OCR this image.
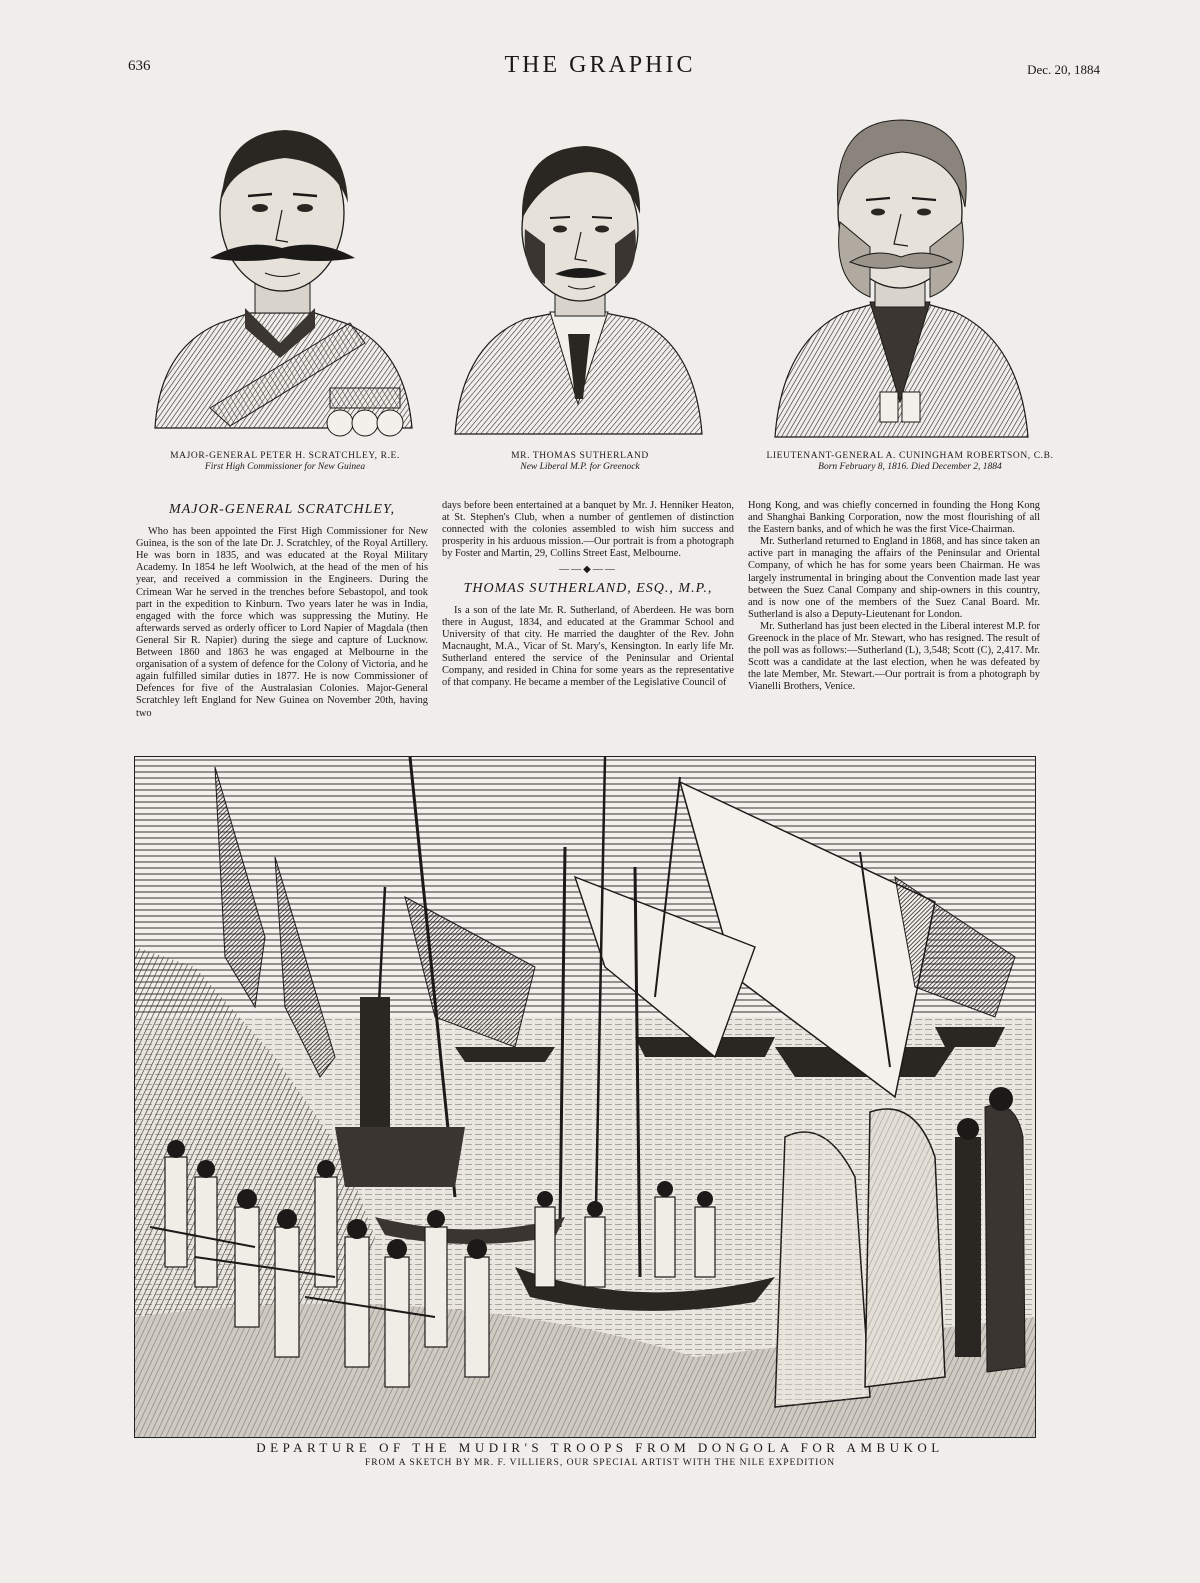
636	THE GRAPHIC	Dec. 20, 1884
MAJOR-GENERAL PETER H. SCRATCHLEY, R.E.
First High Commissioner for New Guinea
MR. THOMAS SUTHERLAND
New Liberal M.P. for Greenock
LIEUTENANT-GENERAL A. CUNINGHAM ROBERTSON, C.B.
Born February 8, 1816. Died December 2, 1884
MAJOR-GENERAL SCRATCHLEY,

Who has been appointed the First High Commissioner for New Guinea, is the son of the late Dr. J. Scratchley, of the Royal Artillery. He was born in 1835, and was educated at the Royal Military Academy. In 1854 he left Woolwich, at the head of the men of his year, and received a commission in the Engineers. During the Crimean War he served in the trenches before Sebastopol, and took part in the expedition to Kinburn. Two years later he was in India, engaged with the force which was suppressing the Mutiny. He afterwards served as orderly officer to Lord Napier of Magdala (then General Sir R. Napier) during the siege and capture of Lucknow. Between 1860 and 1863 he was engaged at Melbourne in the organisation of a system of defence for the Colony of Victoria, and he again fulfilled similar duties in 1877. He is now Commissioner of Defences for five of the Australasian Colonies. Major-General Scratchley left England for New Guinea on November 20th, having two

days before been entertained at a banquet by Mr. J. Henniker Heaton, at St. Stephen's Club, when a number of gentlemen of distinction connected with the colonies assembled to wish him success and prosperity in his arduous mission.—Our portrait is from a photograph by Foster and Martin, 29, Collins Street East, Melbourne.

——◆——
THOMAS SUTHERLAND, ESQ., M.P.,

Is a son of the late Mr. R. Sutherland, of Aberdeen. He was born there in August, 1834, and educated at the Grammar School and University of that city. He married the daughter of the Rev. John Macnaught, M.A., Vicar of St. Mary's, Kensington. In early life Mr. Sutherland entered the service of the Peninsular and Oriental Company, and resided in China for some years as the representative of that company. He became a member of the Legislative Council of

Hong Kong, and was chiefly concerned in founding the Hong Kong and Shanghai Banking Corporation, now the most flourishing of all the Eastern banks, and of which he was the first Vice-Chairman.

Mr. Sutherland returned to England in 1868, and has since taken an active part in managing the affairs of the Peninsular and Oriental Company, of which he has for some years been Chairman. He was largely instrumental in bringing about the Convention made last year between the Suez Canal Company and ship-owners in this country, and is now one of the members of the Suez Canal Board. Mr. Sutherland is also a Deputy-Lieutenant for London.

Mr. Sutherland has just been elected in the Liberal interest M.P. for Greenock in the place of Mr. Stewart, who has resigned. The result of the poll was as follows:—Sutherland (L), 3,548; Scott (C), 2,417. Mr. Scott was a candidate at the last election, when he was defeated by the late Member, Mr. Stewart.—Our portrait is from a photograph by Vianelli Brothers, Venice.

DEPARTURE OF THE MUDIR'S TROOPS FROM DONGOLA FOR AMBUKOL
FROM A SKETCH BY MR. F. VILLIERS, OUR SPECIAL ARTIST WITH THE NILE EXPEDITION
